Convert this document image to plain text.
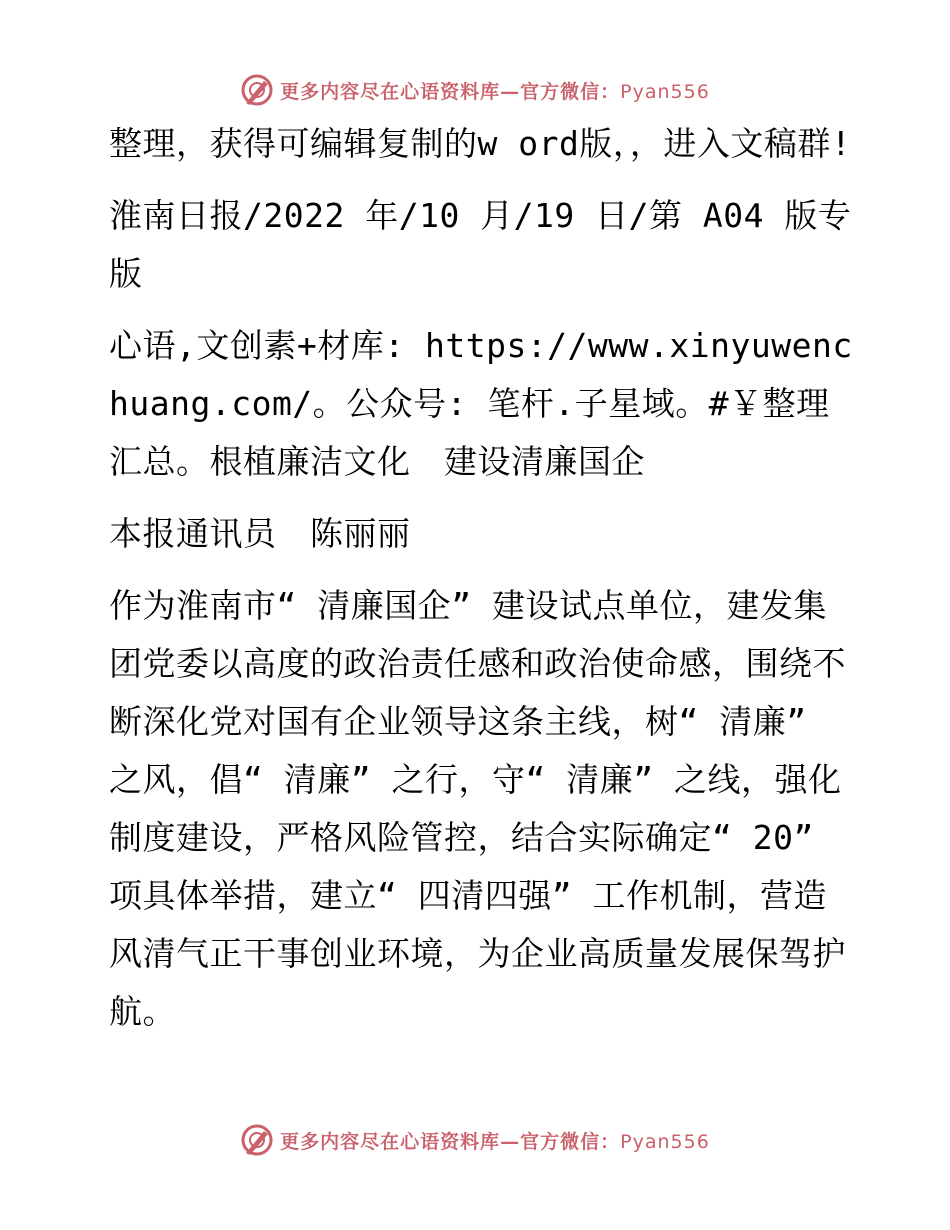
更多内容尽在心语资料库—官方微信：Pyan556

整理，获得可编辑复制的w ord版，，进入文稿群!

淮南日报/2022 年/10 月/19 日/第 A04 版专版

心语,文创素+材库: https://www.xinyuwenchuang.com/。公众号: 笔杆.子星域。#￥整理汇总。根植廉洁文化　建设清廉国企

本报通讯员　陈丽丽

作为淮南市“ 清廉国企” 建设试点单位，建发集团党委以高度的政治责任感和政治使命感，围绕不断深化党对国有企业领导这条主线，树“ 清廉” 之风，倡“ 清廉” 之行，守“ 清廉” 之线，强化制度建设，严格风险管控，结合实际确定“ 20” 项具体举措，建立“ 四清四强” 工作机制，营造风清气正干事创业环境，为企业高质量发展保驾护航。

更多内容尽在心语资料库—官方微信：Pyan556
